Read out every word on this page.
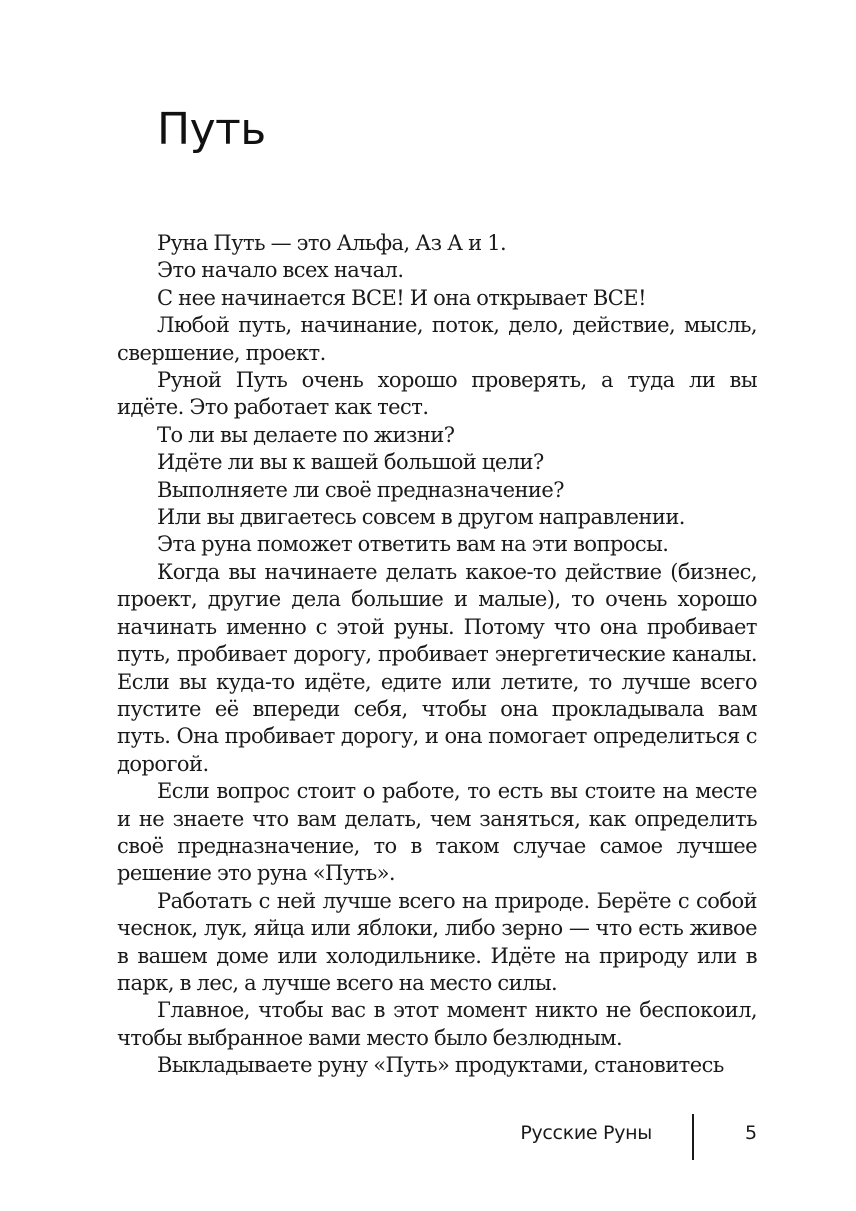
Путь

Руна Путь — это Альфа, Аз А и 1.

Это начало всех начал.

С нее начинается ВСЕ! И она открывает ВСЕ!

Любой путь, начинание, поток, дело, действие, мысль, свершение, проект.

Руной Путь очень хорошо проверять, а туда ли вы идёте. Это работает как тест.

То ли вы делаете по жизни?

Идёте ли вы к вашей большой цели?

Выполняете ли своё предназначение?

Или вы двигаетесь совсем в другом направлении.

Эта руна поможет ответить вам на эти вопросы.

Когда вы начинаете делать какое-то действие (бизнес, проект, другие дела большие и малые), то очень хорошо начинать именно с этой руны. Потому что она пробивает путь, пробивает дорогу, пробивает энергетические каналы. Если вы куда-то идёте, едите или летите, то лучше всего пустите её впереди себя, чтобы она прокладывала вам путь. Она пробивает дорогу, и она помогает определиться с дорогой.

Если вопрос стоит о работе, то есть вы стоите на месте и не знаете что вам делать, чем заняться, как определить своё предназначение, то в таком случае самое лучшее решение это руна «Путь».

Работать с ней лучше всего на природе. Берёте с собой чеснок, лук, яйца или яблоки, либо зерно — что есть живое в вашем доме или холодильнике. Идёте на природу или в парк, в лес, а лучше всего на место силы.

Главное, чтобы вас в этот момент никто не беспокоил, чтобы выбранное вами место было безлюдным.

Выкладываете руну «Путь» продуктами, становитесь

Русские Руны	5
